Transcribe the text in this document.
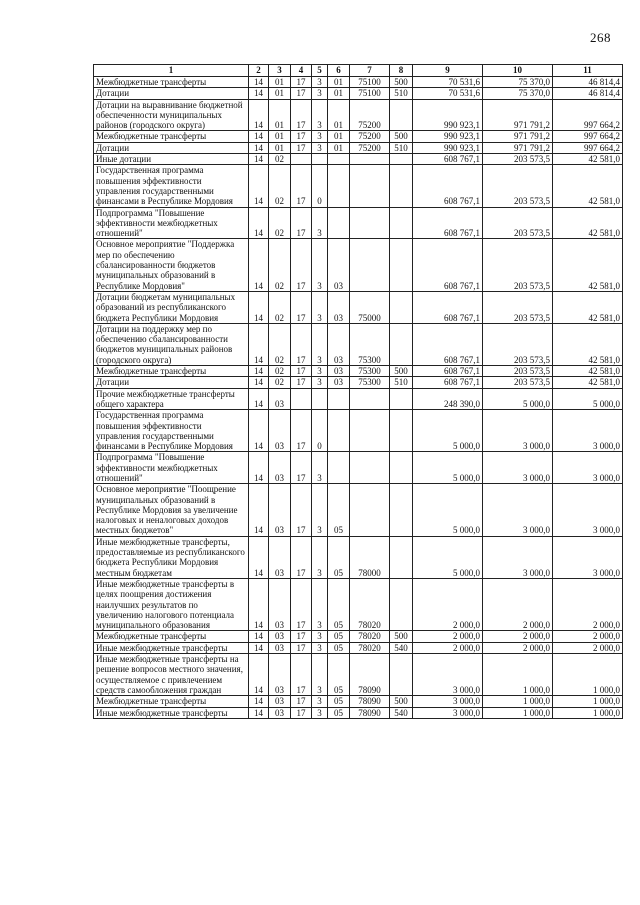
268
1	2	3	4	5	6	7	8	9	10	11
Межбюджетные трансферты	14	01	17	3	01	75100	500	70 531,6	75 370,0	46 814,4
Дотации	14	01	17	3	01	75100	510	70 531,6	75 370,0	46 814,4
Дотации на выравнивание бюджетной обеспеченности муниципальных районов (городского округа)	14	01	17	3	01	75200		990 923,1	971 791,2	997 664,2
Межбюджетные трансферты	14	01	17	3	01	75200	500	990 923,1	971 791,2	997 664,2
Дотации	14	01	17	3	01	75200	510	990 923,1	971 791,2	997 664,2
Иные дотации	14	02						608 767,1	203 573,5	42 581,0
Государственная программа повышения эффективности управления государственными финансами в Республике Мордовия	14	02	17	0				608 767,1	203 573,5	42 581,0
Подпрограмма "Повышение эффективности межбюджетных отношений"	14	02	17	3				608 767,1	203 573,5	42 581,0
Основное мероприятие "Поддержка мер по обеспечению сбалансированности бюджетов муниципальных образований в Республике Мордовия"	14	02	17	3	03			608 767,1	203 573,5	42 581,0
Дотации бюджетам муниципальных образований из республиканского бюджета Республики Мордовия	14	02	17	3	03	75000		608 767,1	203 573,5	42 581,0
Дотации на поддержку мер по обеспечению сбалансированности бюджетов муниципальных районов (городского округа)	14	02	17	3	03	75300		608 767,1	203 573,5	42 581,0
Межбюджетные трансферты	14	02	17	3	03	75300	500	608 767,1	203 573,5	42 581,0
Дотации	14	02	17	3	03	75300	510	608 767,1	203 573,5	42 581,0
Прочие межбюджетные трансферты общего характера	14	03						248 390,0	5 000,0	5 000,0
Государственная программа повышения эффективности управления государственными финансами в Республике Мордовия	14	03	17	0				5 000,0	3 000,0	3 000,0
Подпрограмма "Повышение эффективности межбюджетных отношений"	14	03	17	3				5 000,0	3 000,0	3 000,0
Основное мероприятие "Поощрение муниципальных образований в Республике Мордовия за увеличение налоговых и неналоговых доходов местных бюджетов"	14	03	17	3	05			5 000,0	3 000,0	3 000,0
Иные межбюджетные трансферты, предоставляемые из республиканского бюджета Республики Мордовия местным бюджетам	14	03	17	3	05	78000		5 000,0	3 000,0	3 000,0
Иные межбюджетные трансферты в целях поощрения достижения наилучших результатов по увеличению налогового потенциала муниципального образования	14	03	17	3	05	78020		2 000,0	2 000,0	2 000,0
Межбюджетные трансферты	14	03	17	3	05	78020	500	2 000,0	2 000,0	2 000,0
Иные межбюджетные трансферты	14	03	17	3	05	78020	540	2 000,0	2 000,0	2 000,0
Иные межбюджетные трансферты на решение вопросов местного значения, осуществляемое с привлечением средств самообложения граждан	14	03	17	3	05	78090		3 000,0	1 000,0	1 000,0
Межбюджетные трансферты	14	03	17	3	05	78090	500	3 000,0	1 000,0	1 000,0
Иные межбюджетные трансферты	14	03	17	3	05	78090	540	3 000,0	1 000,0	1 000,0
